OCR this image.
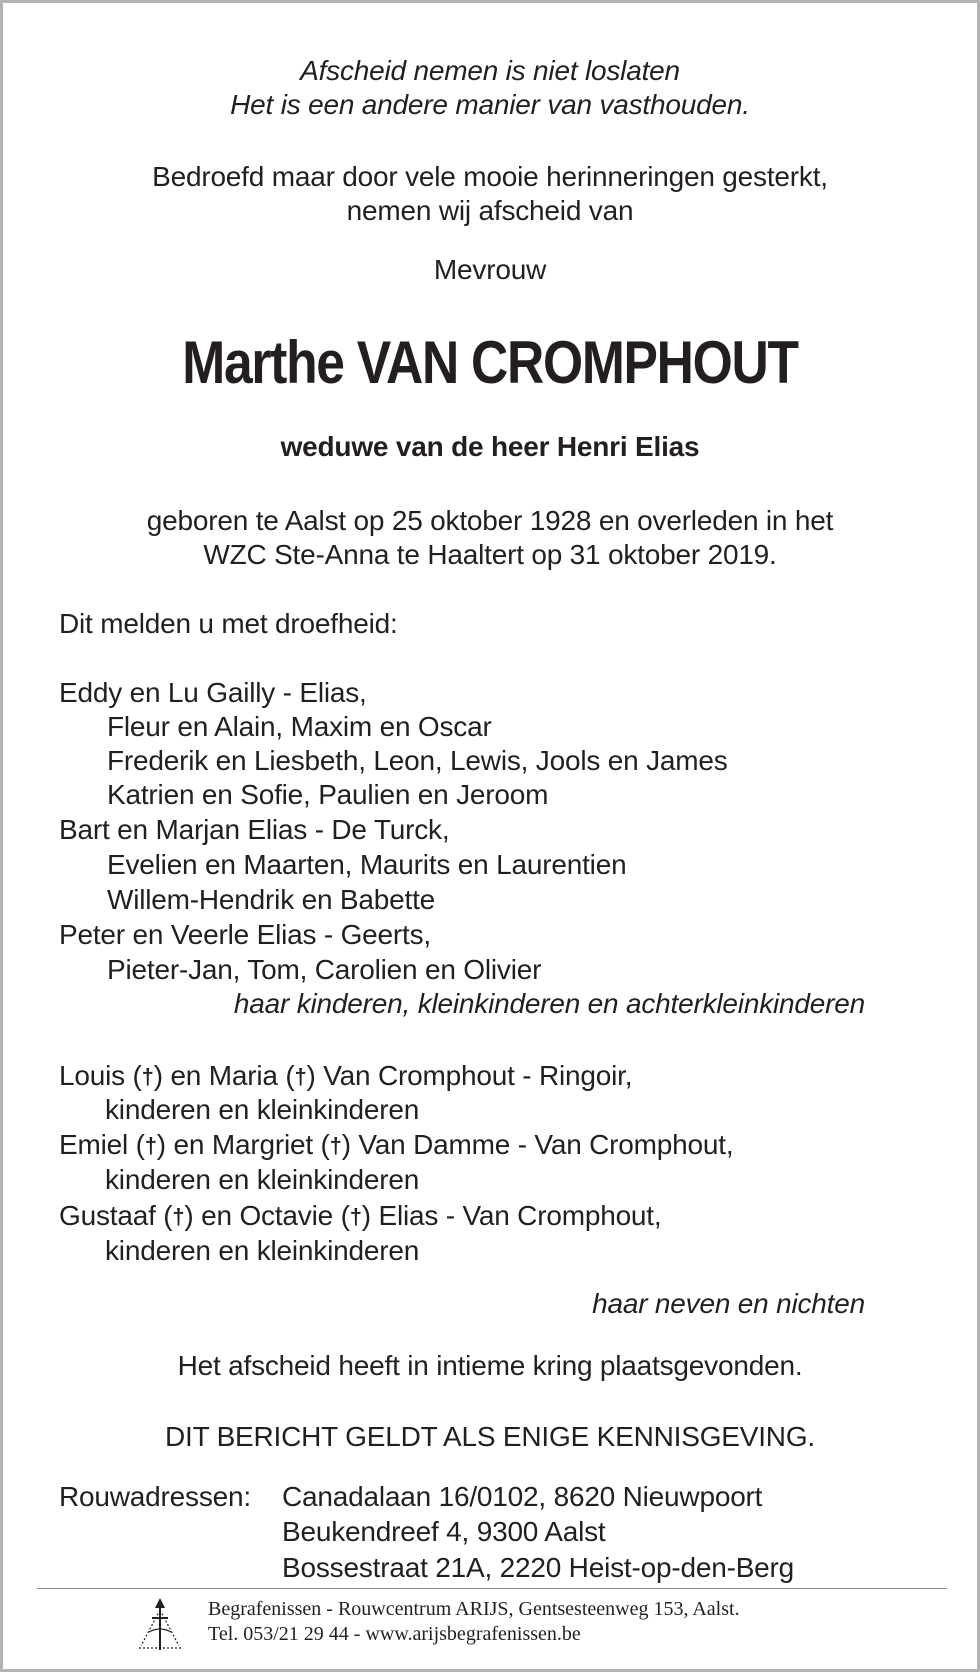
Afscheid nemen is niet loslaten
Het is een andere manier van vasthouden.
Bedroefd maar door vele mooie herinneringen gesterkt,
nemen wij afscheid van
Mevrouw
Marthe VAN CROMPHOUT
weduwe van de heer Henri Elias
geboren te Aalst op 25 oktober 1928 en overleden in het
WZC Ste-Anna te Haaltert op 31 oktober 2019.
Dit melden u met droefheid:
Eddy en Lu Gailly - Elias,
Fleur en Alain, Maxim en Oscar
Frederik en Liesbeth, Leon, Lewis, Jools en James
Katrien en Sofie, Paulien en Jeroom
Bart en Marjan Elias - De Turck,
Evelien en Maarten, Maurits en Laurentien
Willem-Hendrik en Babette
Peter en Veerle Elias - Geerts,
Pieter-Jan, Tom, Carolien en Olivier
haar kinderen, kleinkinderen en achterkleinkinderen
Louis (†) en Maria (†) Van Cromphout - Ringoir,
kinderen en kleinkinderen
Emiel (†) en Margriet (†) Van Damme - Van Cromphout,
kinderen en kleinkinderen
Gustaaf (†) en Octavie (†) Elias - Van Cromphout,
kinderen en kleinkinderen
haar neven en nichten
Het afscheid heeft in intieme kring plaatsgevonden.
DIT BERICHT GELDT ALS ENIGE KENNISGEVING.
Rouwadressen: Canadalaan 16/0102, 8620 Nieuwpoort
Beukendreef 4, 9300 Aalst
Bossestraat 21A, 2220 Heist-op-den-Berg
Begrafenissen - Rouwcentrum ARIJS, Gentsesteenweg 153, Aalst.
Tel. 053/21 29 44 - www.arijsbegrafenissen.be
